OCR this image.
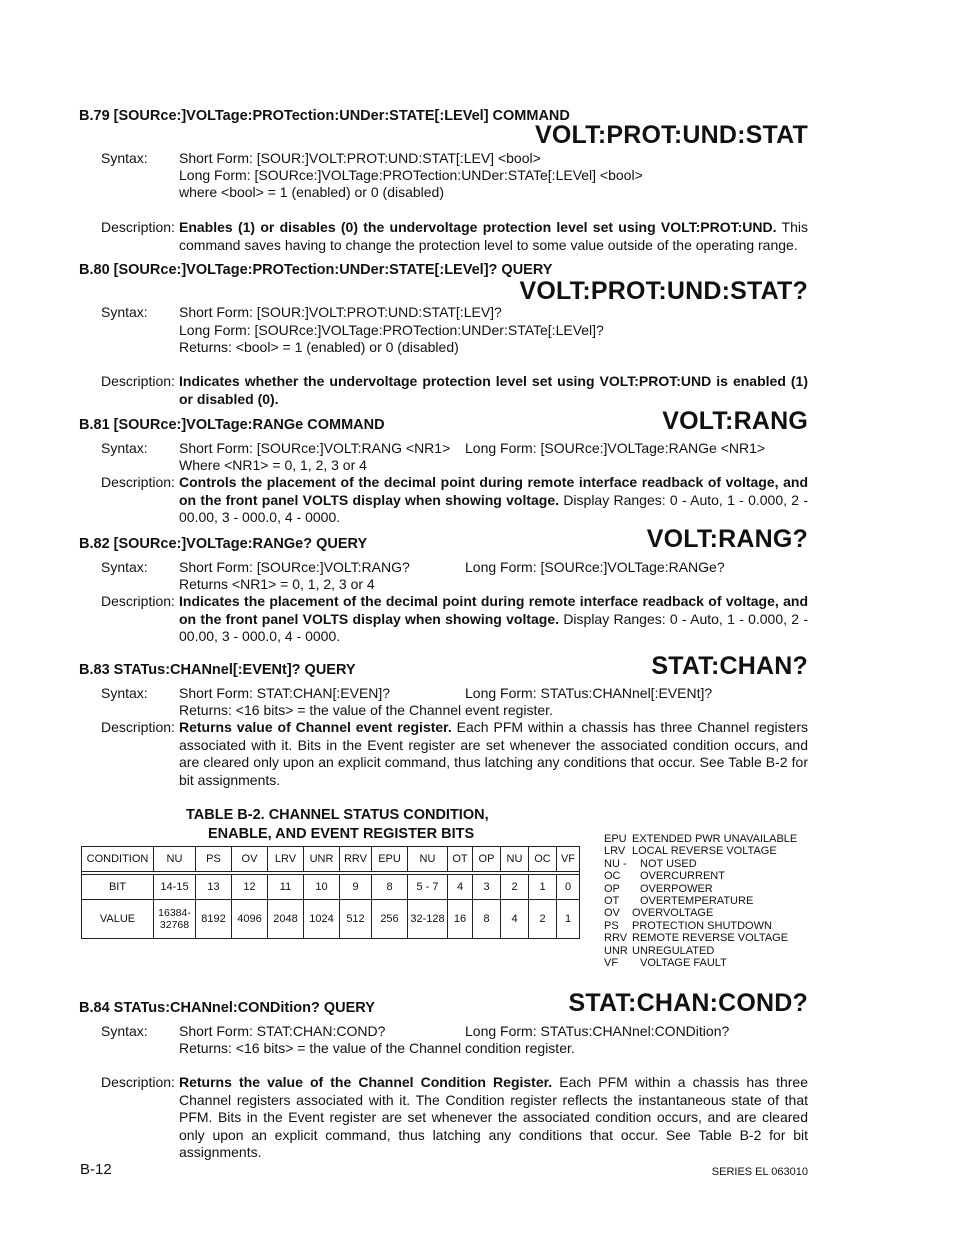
B.79 [SOURce:]VOLTage:PROTection:UNDer:STATE[:LEVel] COMMAND
VOLT:PROT:UND:STAT
Syntax: Short Form: [SOUR:]VOLT:PROT:UND:STAT[:LEV] <bool>
Long Form: [SOURce:]VOLTage:PROTection:UNDer:STATe[:LEVel] <bool>
where <bool> = 1 (enabled) or 0 (disabled)
Description: Enables (1) or disables (0) the undervoltage protection level set using VOLT:PROT:UND. This command saves having to change the protection level to some value outside of the operating range.
B.80 [SOURce:]VOLTage:PROTection:UNDer:STATE[:LEVel]? QUERY
VOLT:PROT:UND:STAT?
Syntax: Short Form: [SOUR:]VOLT:PROT:UND:STAT[:LEV]?
Long Form: [SOURce:]VOLTage:PROTection:UNDer:STATe[:LEVel]?
Returns: <bool> = 1 (enabled) or 0 (disabled)
Description: Indicates whether the undervoltage protection level set using VOLT:PROT:UND is enabled (1) or disabled (0).
B.81 [SOURce:]VOLTage:RANGe COMMAND	VOLT:RANG
Syntax: Short Form: [SOURce:]VOLT:RANG <NR1> Long Form: [SOURce:]VOLTage:RANGe <NR1>
Where <NR1> = 0, 1, 2, 3 or 4
Description: Controls the placement of the decimal point during remote interface readback of voltage, and on the front panel VOLTS display when showing voltage. Display Ranges: 0 - Auto, 1 - 0.000, 2 - 00.00, 3 - 000.0, 4 - 0000.
B.82 [SOURce:]VOLTage:RANGe? QUERY	VOLT:RANG?
Syntax: Short Form: [SOURce:]VOLT:RANG?	Long Form: [SOURce:]VOLTage:RANGe?
Returns <NR1> = 0, 1, 2, 3 or 4
Description: Indicates the placement of the decimal point during remote interface readback of voltage, and on the front panel VOLTS display when showing voltage. Display Ranges: 0 - Auto, 1 - 0.000, 2 - 00.00, 3 - 000.0, 4 - 0000.
B.83 STATus:CHANnel[:EVENt]? QUERY	STAT:CHAN?
Syntax: Short Form: STAT:CHAN[:EVEN]?	Long Form: STATus:CHANnel[:EVENt]?
Returns: <16 bits> = the value of the Channel event register.
Description: Returns value of Channel event register. Each PFM within a chassis has three Channel registers associated with it. Bits in the Event register are set whenever the associated condition occurs, and are cleared only upon an explicit command, thus latching any conditions that occur. See Table B-2 for bit assignments.
TABLE B-2. CHANNEL STATUS CONDITION,
ENABLE, AND EVENT REGISTER BITS
CONDITION	NU	PS	OV	LRV	UNR	RRV	EPU	NU	OT	OP	NU	OC	VF

BIT	14-15	13	12	11	10	9	8	5 - 7	4	3	2	1	0
VALUE	16384-
32768	8192	4096	2048	1024	512	256	32-128	16	8	4	2	1
EPU EXTENDED PWR UNAVAILABLE
LRV LOCAL REVERSE VOLTAGE
NU - NOT USED
OC OVERCURRENT
OP OVERPOWER
OT OVERTEMPERATURE
OV OVERVOLTAGE
PS PROTECTION SHUTDOWN
RRV REMOTE REVERSE VOLTAGE
UNR UNREGULATED
VF VOLTAGE FAULT
B.84 STATus:CHANnel:CONDition? QUERY	STAT:CHAN:COND?
Syntax: Short Form: STAT:CHAN:COND?	Long Form: STATus:CHANnel:CONDition?
Returns: <16 bits> = the value of the Channel condition register.
Description: Returns the value of the Channel Condition Register. Each PFM within a chassis has three Channel registers associated with it. The Condition register reflects the instantaneous state of that PFM. Bits in the Event register are set whenever the associated condition occurs, and are cleared only upon an explicit command, thus latching any conditions that occur. See Table B-2 for bit assignments.
B-12	SERIES EL 063010
